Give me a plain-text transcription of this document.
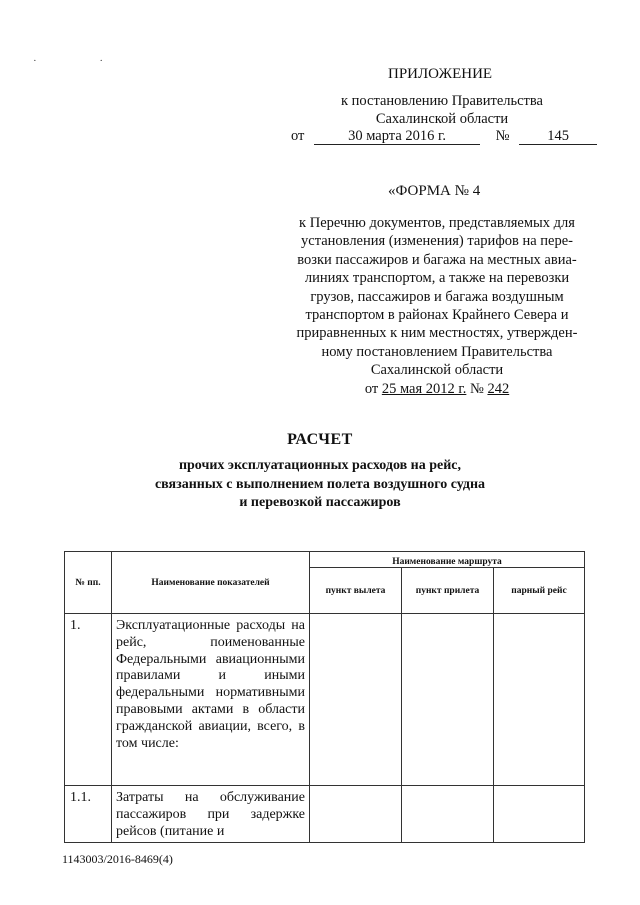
· ·
ПРИЛОЖЕНИЕ
к постановлению Правительства
Сахалинской области
от	30 марта 2016 г.	№	145
«ФОРМА № 4
к Перечню документов, представляемых для
установления (изменения) тарифов на пере-
возки пассажиров и багажа на местных авиа-
линиях транспортом, а также на перевозки
грузов, пассажиров и багажа воздушным
транспортом в районах Крайнего Севера и
приравненных к ним местностях, утвержден-
ному постановлением Правительства
Сахалинской области
от 25 мая 2012 г. № 242
РАСЧЕТ
прочих эксплуатационных расходов на рейс,
связанных с выполнением полета воздушного судна
и перевозкой пассажиров
№ пп.	Наименование показателей	Наименование маршрута		
		пункт вылета	пункт прилета	парный рейс
1.	Эксплуатационные расходы на рейс, поименованные Федеральными авиационными правилами и иными федеральными нормативными правовыми актами в области гражданской авиации, всего, в том числе:			
1.1.	Затраты на обслуживание пассажиров при задержке рейсов (питание и			
1143003/2016-8469(4)
